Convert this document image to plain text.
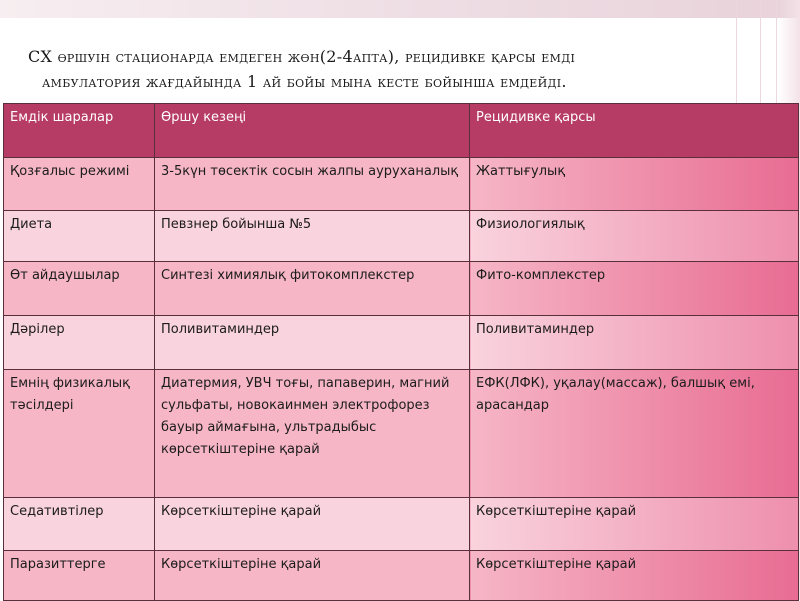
СХ өршуін стационарда емдеген жөн(2-4апта), рецидивке қарсы емді
амбулатория жағдайында 1 ай бойы мына кесте бойынша емдейді.
Емдік шаралар	Өршу кезеңі	Рецидивке қарсы
Қозғалыс режимі	3-5күн төсектік сосын жалпы ауруханалық	Жаттығулық
Диета	Певзнер бойынша №5	Физиологиялық
Өт айдаушылар	Синтезі химиялық фитокомплекстер	Фито-комплекстер
Дәрілер	Поливитаминдер	Поливитаминдер
Емнің физикалық тәсілдері	Диатермия, УВЧ тоғы, папаверин, магний сульфаты, новокаинмен электрофорез бауыр аймағына, ультрадыбыс көрсеткіштеріне қарай	ЕФК(ЛФК), уқалау(массаж), балшық емі, арасандар
Седативтілер	Көрсеткіштеріне қарай	Көрсеткіштеріне қарай
Паразиттерге	Көрсеткіштеріне қарай	Көрсеткіштеріне қарай
